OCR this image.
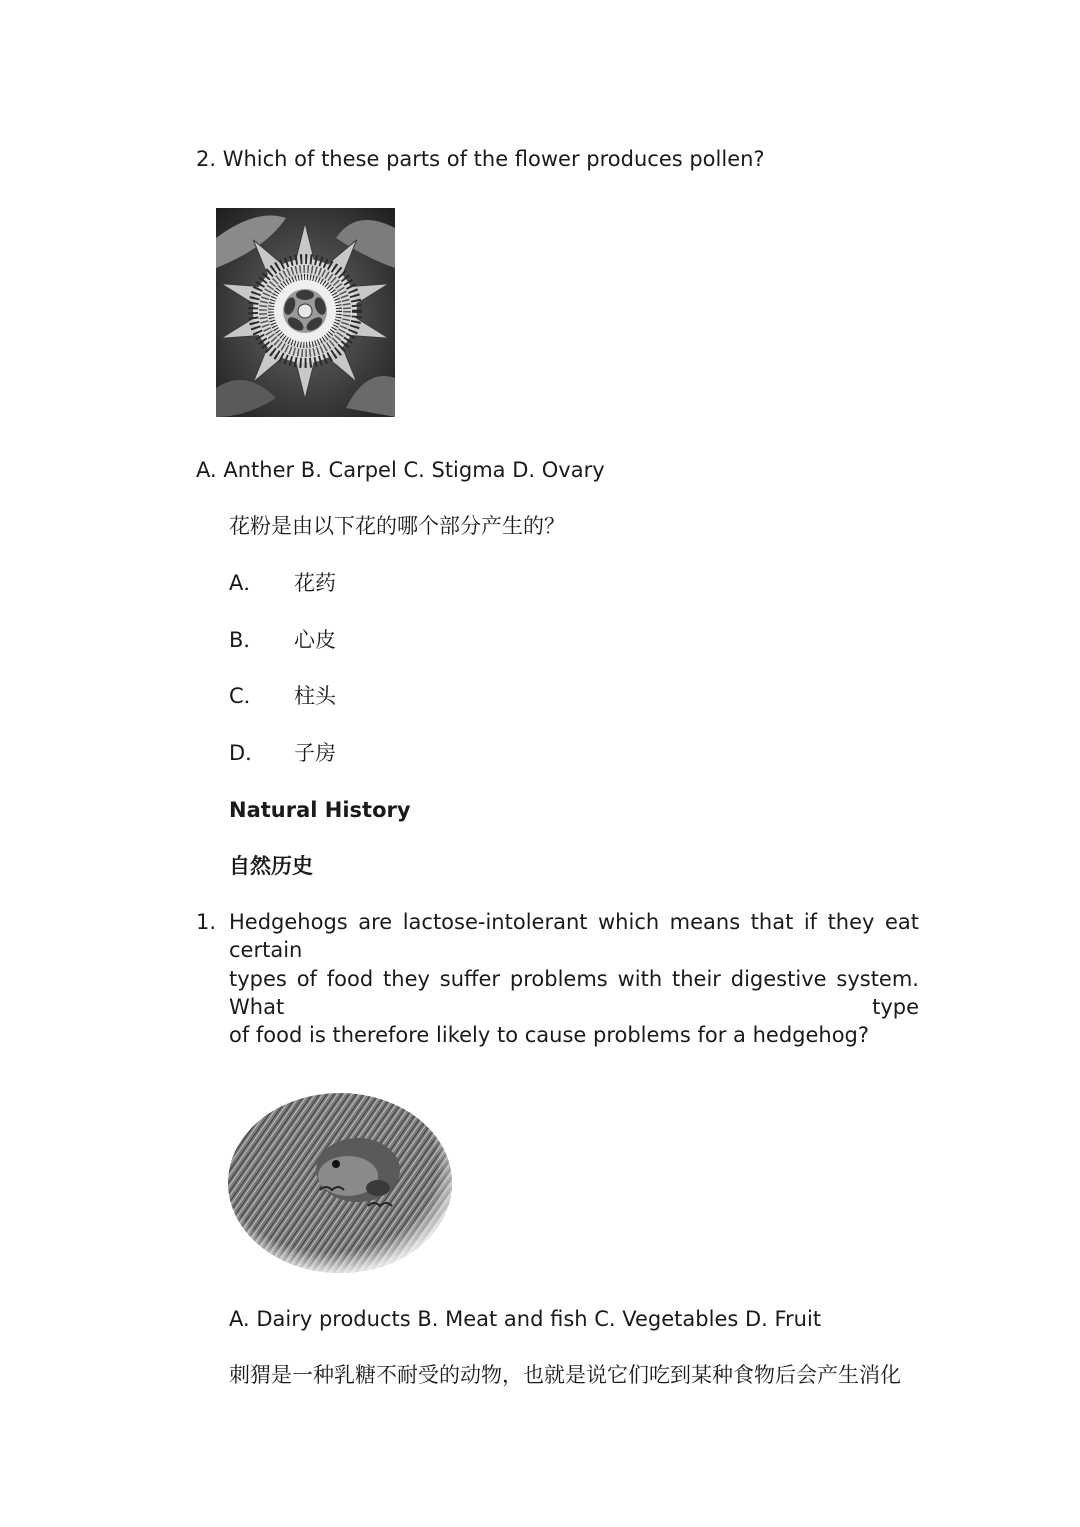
2. Which of these parts of the flower produces pollen?
A. Anther B. Carpel C. Stigma D. Ovary
花粉是由以下花的哪个部分产生的？
A． 花药
B． 心皮
C． 柱头
D． 子房
Natural History
自然历史
1. Hedgehogs are lactose-intolerant which means that if they eat certain
types of food they suffer problems with their digestive system. What type
of food is therefore likely to cause problems for a hedgehog?
A. Dairy products B. Meat and fish C. Vegetables D. Fruit
刺猬是一种乳糖不耐受的动物，也就是说它们吃到某种食物后会产生消化
